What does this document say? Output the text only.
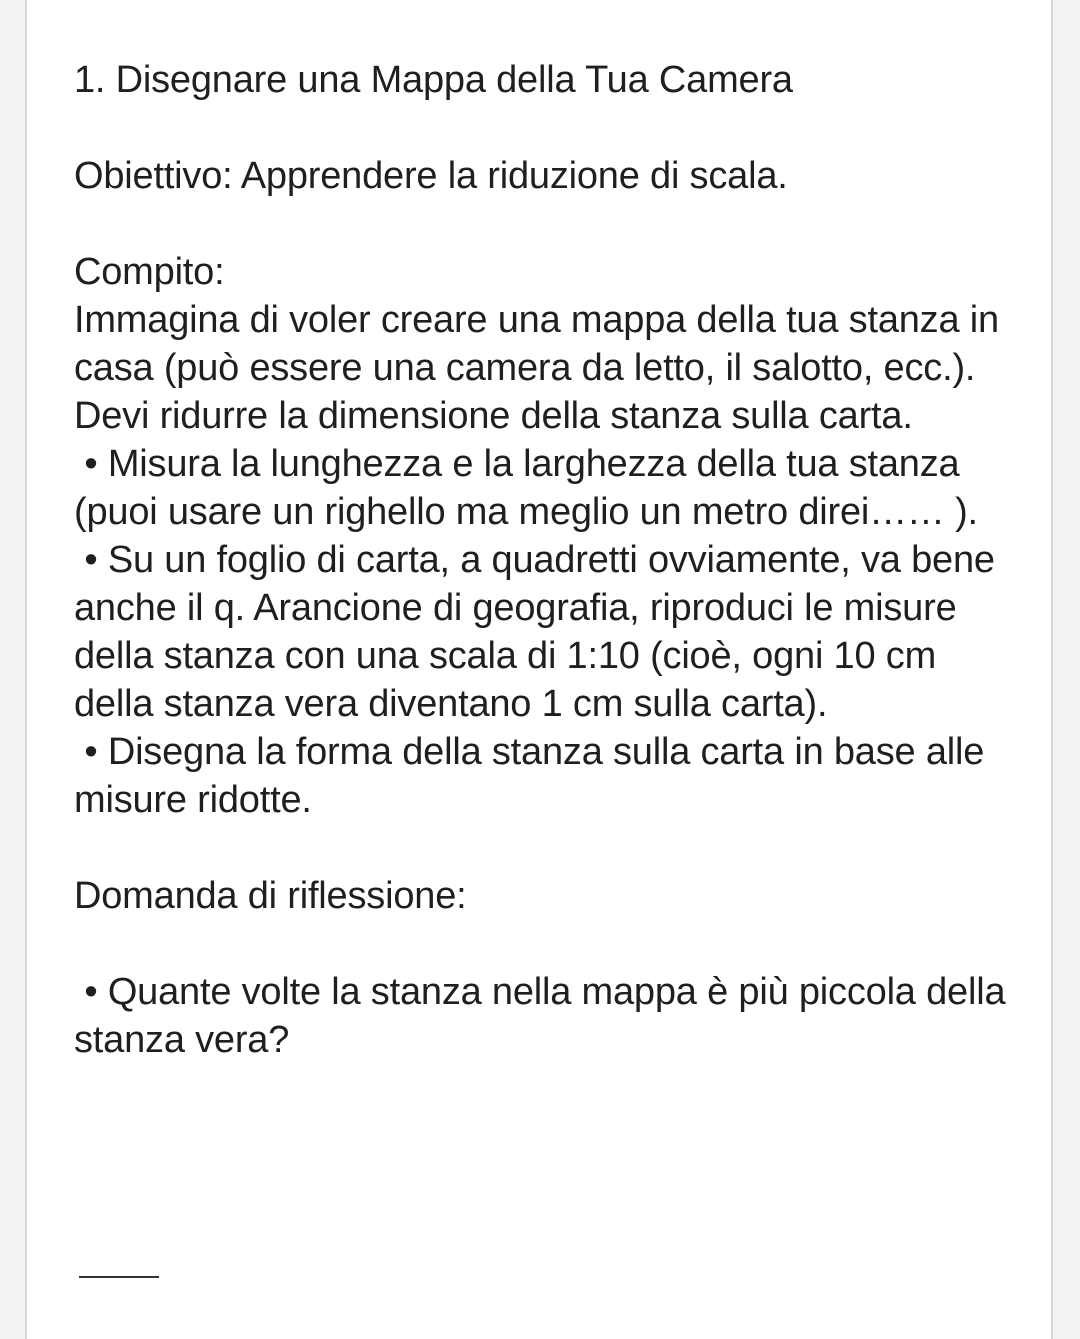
1. Disegnare una Mappa della Tua Camera

Obiettivo: Apprendere la riduzione di scala.

Compito:

Immagina di voler creare una mappa della tua stanza in casa (può essere una camera da letto, il salotto, ecc.). Devi ridurre la dimensione della stanza sulla carta.

• Misura la lunghezza e la larghezza della tua stanza (puoi usare un righello ma meglio un metro direi…… ).

• Su un foglio di carta, a quadretti ovviamente, va bene anche il q. Arancione di geografia, riproduci le misure della stanza con una scala di 1:10 (cioè, ogni 10 cm della stanza vera diventano 1 cm sulla carta).

• Disegna la forma della stanza sulla carta in base alle misure ridotte.

Domanda di riflessione:

• Quante volte la stanza nella mappa è più piccola della stanza vera?
